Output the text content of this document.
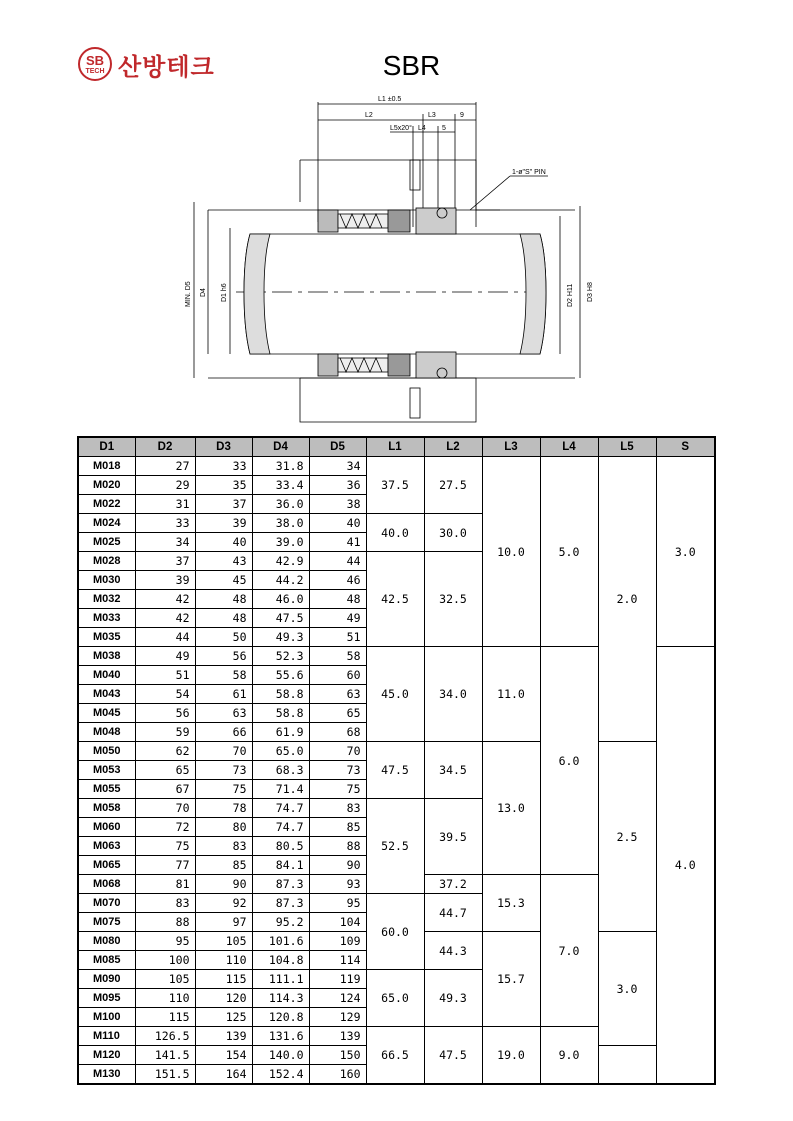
SB
TECH 산방테크	SBR
L1 ±0.5
L2	L3	9
L5x20° L4 5
1-ø"S" PIN
MIN. D5 D4 D1 h6	D2 H11 D3 H8
D1	D2	D3	D4	D5	L1	L2	L3	L4	L5	S
M018	27	33	31.8	34	37.5	27.5	10.0	5.0	2.0	3.0
M020	29	35	33.4	36						
M022	31	37	36.0	38						
M024	33	39	38.0	40	40.0	30.0				
M025	34	40	39.0	41						
M028	37	43	42.9	44	42.5	32.5				
M030	39	45	44.2	46						
M032	42	48	46.0	48						
M033	42	48	47.5	49						
M035	44	50	49.3	51						
M038	49	56	52.3	58	45.0	34.0	11.0	6.0		4.0
M040	51	58	55.6	60						
M043	54	61	58.8	63						
M045	56	63	58.8	65						
M048	59	66	61.9	68						
M050	62	70	65.0	70	47.5	34.5	13.0		2.5	
M053	65	73	68.3	73						
M055	67	75	71.4	75						
M058	70	78	74.7	83	52.5	39.5				
M060	72	80	74.7	85						
M063	75	83	80.5	88						
M065	77	85	84.1	90						
M068	81	90	87.3	93		37.2	15.3	7.0		
M070	83	92	87.3	95	60.0	44.7				
M075	88	97	95.2	104						
M080	95	105	101.6	109		44.3	15.7		3.0	
M085	100	110	104.8	114						
M090	105	115	111.1	119	65.0	49.3				
M095	110	120	114.3	124						
M100	115	125	120.8	129						
M110	126.5	139	131.6	139	66.5	47.5	19.0	9.0		
M120	141.5	154	140.0	150						
M130	151.5	164	152.4	160						
